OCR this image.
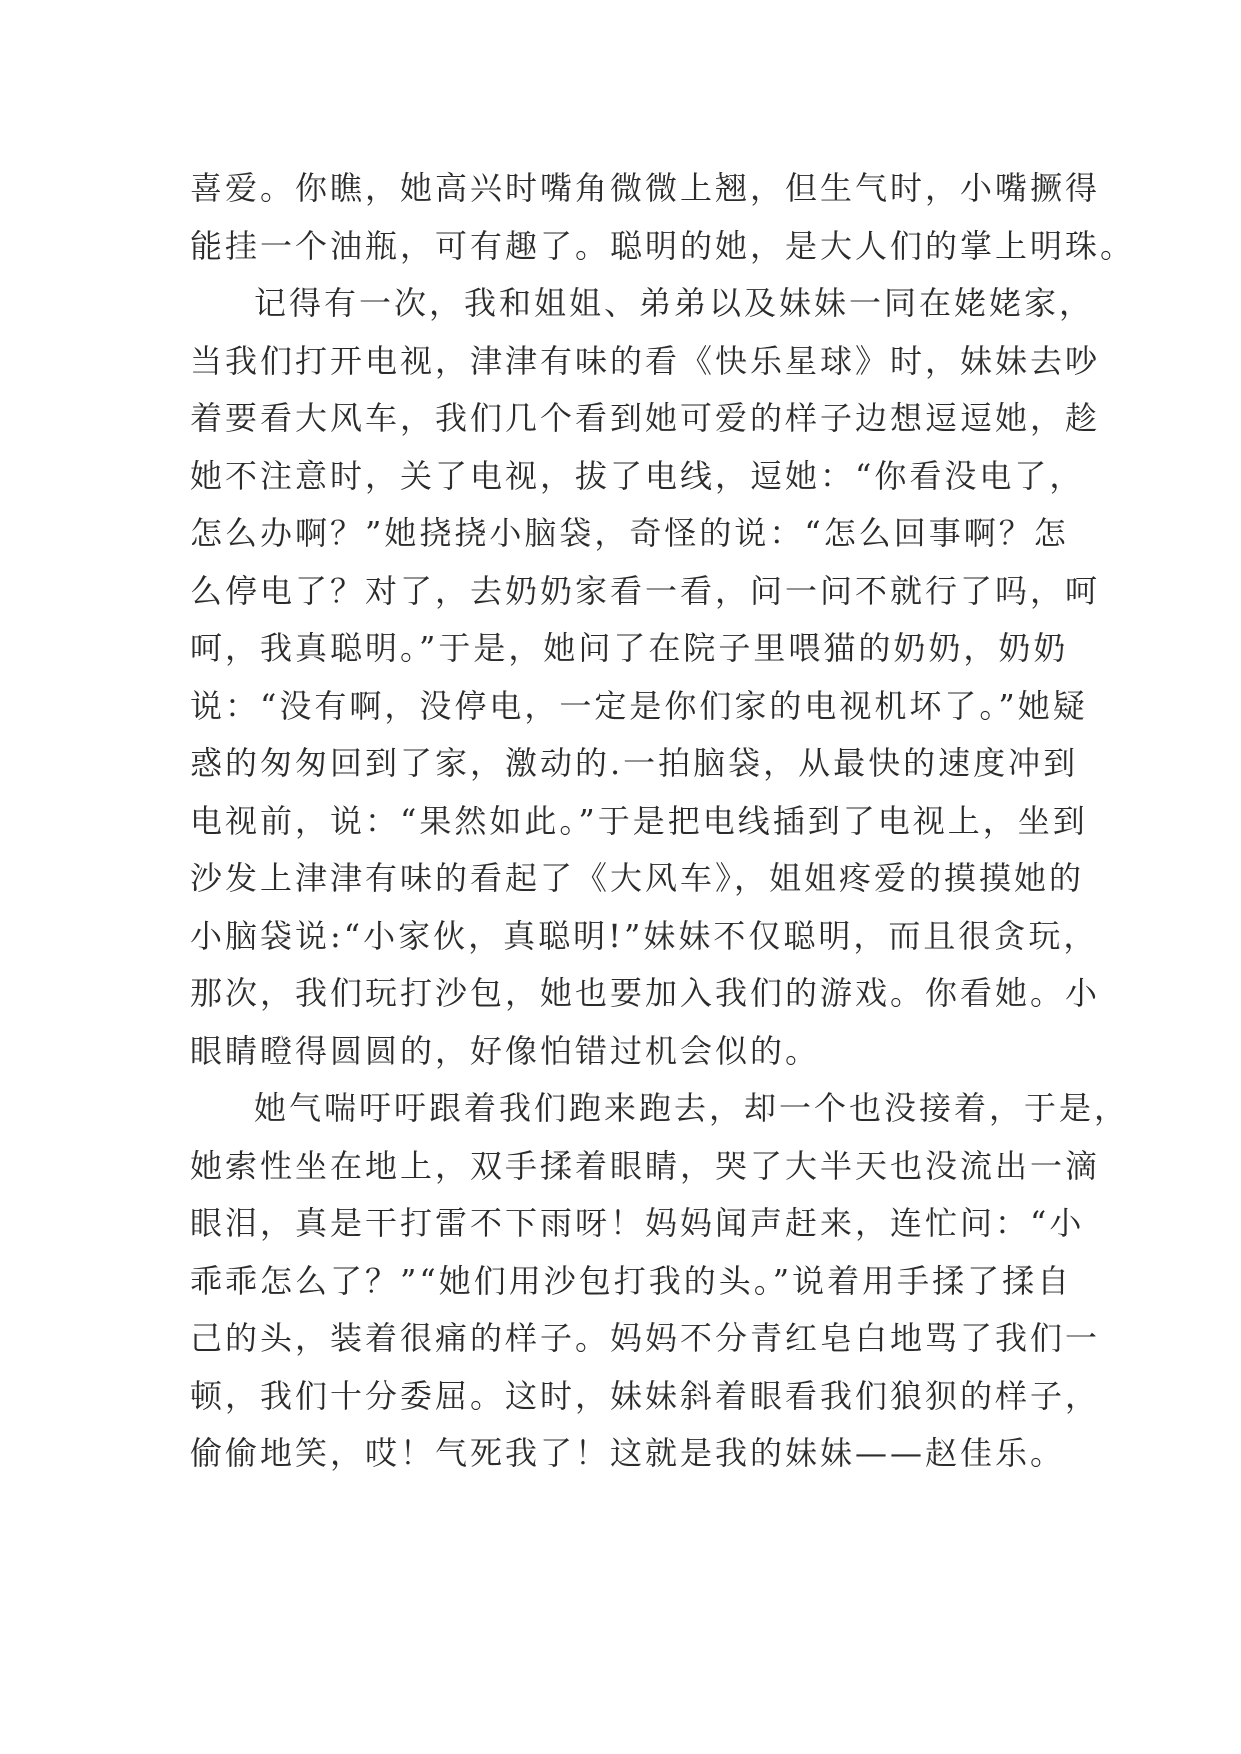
喜爱。你瞧，她高兴时嘴角微微上翘，但生气时，小嘴撅得
能挂一个油瓶，可有趣了。聪明的她，是大人们的掌上明珠。
记得有一次，我和姐姐、弟弟以及妹妹一同在姥姥家，
当我们打开电视，津津有味的看《快乐星球》时，妹妹去吵
着要看大风车，我们几个看到她可爱的样子边想逗逗她，趁
她不注意时，关了电视，拔了电线，逗她：“你看没电了，
怎么办啊？”她挠挠小脑袋，奇怪的说：“怎么回事啊？怎
么停电了？对了，去奶奶家看一看，问一问不就行了吗，呵
呵，我真聪明。”于是，她问了在院子里喂猫的奶奶，奶奶
说：“没有啊，没停电，一定是你们家的电视机坏了。”她疑
惑的匆匆回到了家，激动的.一拍脑袋，从最快的速度冲到
电视前，说：“果然如此。”于是把电线插到了电视上，坐到
沙发上津津有味的看起了《大风车》，姐姐疼爱的摸摸她的
小脑袋说:“小家伙，真聪明!”妹妹不仅聪明，而且很贪玩，
那次，我们玩打沙包，她也要加入我们的游戏。你看她。小
眼睛瞪得圆圆的，好像怕错过机会似的。
她气喘吁吁跟着我们跑来跑去，却一个也没接着，于是，
她索性坐在地上，双手揉着眼睛，哭了大半天也没流出一滴
眼泪，真是干打雷不下雨呀！妈妈闻声赶来，连忙问：“小
乖乖怎么了？”“她们用沙包打我的头。”说着用手揉了揉自
己的头，装着很痛的样子。妈妈不分青红皂白地骂了我们一
顿，我们十分委屈。这时，妹妹斜着眼看我们狼狈的样子，
偷偷地笑，哎！气死我了！这就是我的妹妹——赵佳乐。
